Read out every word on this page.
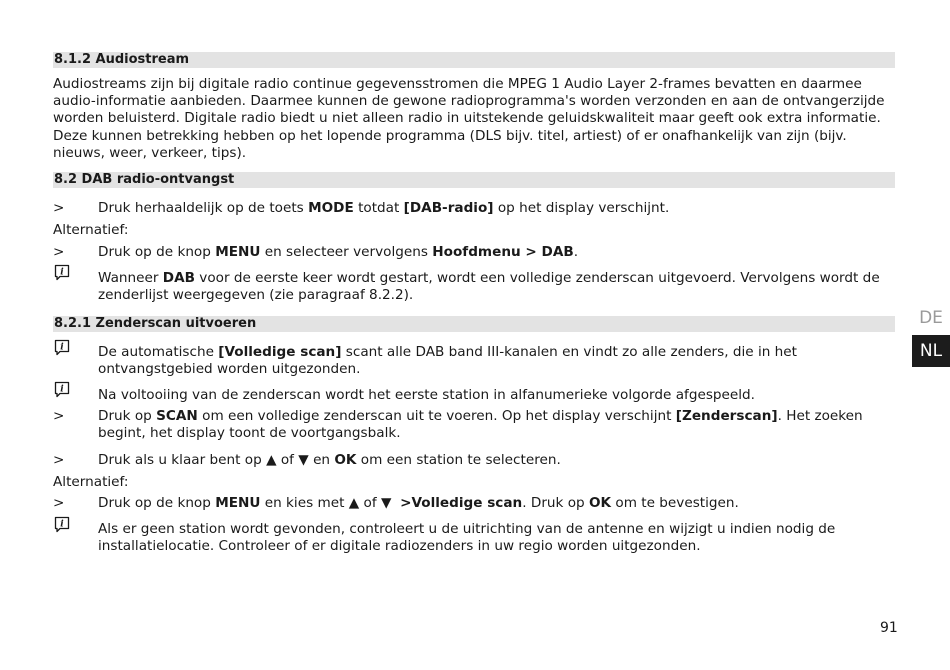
8.1.2 Audiostream
Audiostreams zijn bij digitale radio continue gegevensstromen die MPEG 1 Audio Layer 2-frames bevatten en daarmee audio-informatie aanbieden. Daarmee kunnen de gewone radioprogramma's worden verzonden en aan de ontvangerzijde worden beluisterd. Digitale radio biedt u niet alleen radio in uitstekende geluidskwaliteit maar geeft ook extra informatie. Deze kunnen betrekking hebben op het lopende programma (DLS bijv. titel, artiest) of er onafhankelijk van zijn (bijv. nieuws, weer, verkeer, tips).
8.2 DAB radio-ontvangst
>	Druk herhaaldelijk op de toets MODE totdat [DAB-radio] op het display verschijnt.
Alternatief:
>	Druk op de knop MENU en selecteer vervolgens Hoofdmenu > DAB.
i	Wanneer DAB voor de eerste keer wordt gestart, wordt een volledige zenderscan uitgevoerd. Vervolgens wordt de zenderlijst weergegeven (zie paragraaf 8.2.2).
8.2.1 Zenderscan uitvoeren
i	De automatische [Volledige scan] scant alle DAB band III-kanalen en vindt zo alle zenders, die in het ontvangstgebied worden uitgezonden.
i	Na voltooiing van de zenderscan wordt het eerste station in alfanumerieke volgorde afgespeeld.
>	Druk op SCAN om een volledige zenderscan uit te voeren. Op het display verschijnt [Zenderscan]. Het zoeken begint, het display toont de voortgangsbalk.
>	Druk als u klaar bent op ▲ of ▼ en OK om een station te selecteren.
Alternatief:
>	Druk op de knop MENU en kies met ▲ of ▼ >Volledige scan. Druk op OK om te bevestigen.
i	Als er geen station wordt gevonden, controleert u de uitrichting van de antenne en wijzigt u indien nodig de installatielocatie. Controleer of er digitale radiozenders in uw regio worden uitgezonden.
DE
NL
91
